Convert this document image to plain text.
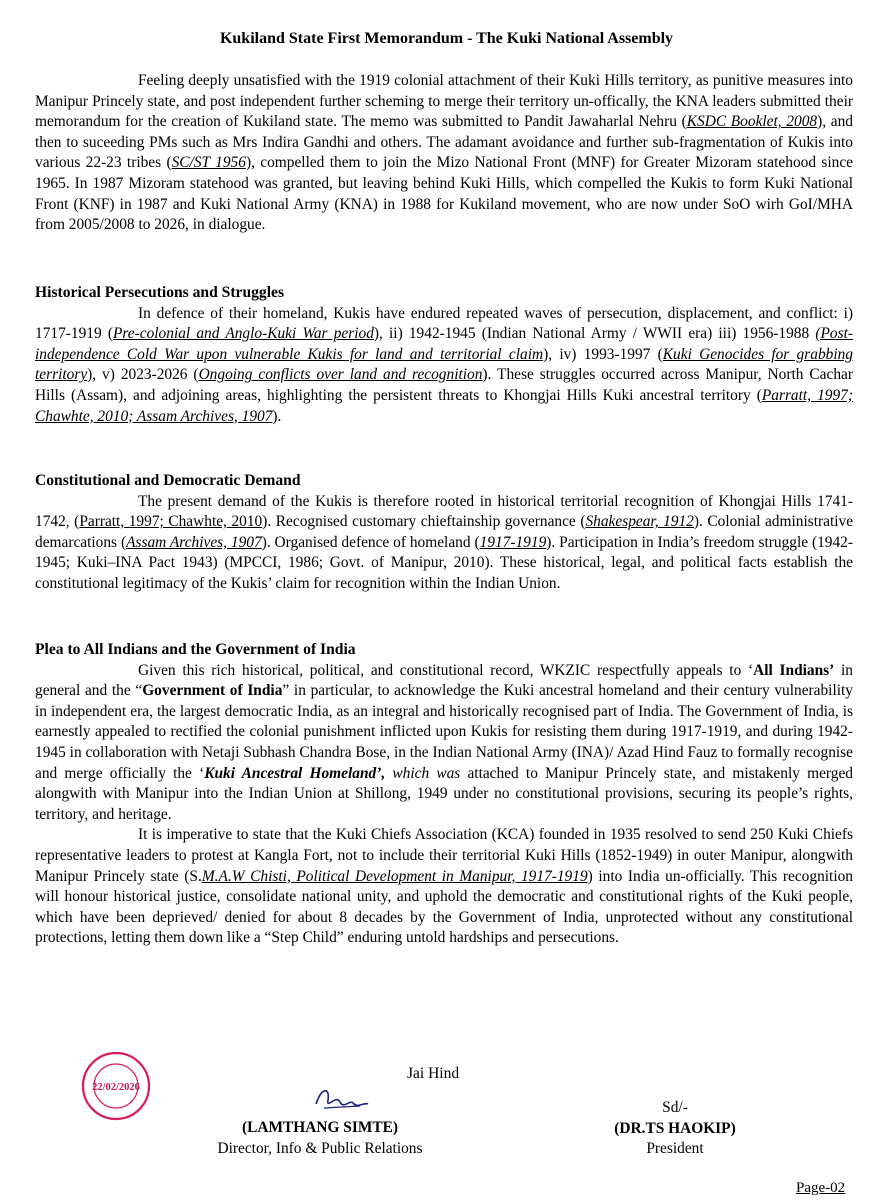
Kukiland State First Memorandum - The Kuki National Assembly

Feeling deeply unsatisfied with the 1919 colonial attachment of their Kuki Hills territory, as punitive measures into Manipur Princely state, and post independent further scheming to merge their territory un-offically, the KNA leaders submitted their memorandum for the creation of Kukiland state. The memo was submitted to Pandit Jawaharlal Nehru (KSDC Booklet, 2008), and then to suceeding PMs such as Mrs Indira Gandhi and others. The adamant avoidance and further sub-fragmentation of Kukis into various 22-23 tribes (SC/ST 1956), compelled them to join the Mizo National Front (MNF) for Greater Mizoram statehood since 1965. In 1987 Mizoram statehood was granted, but leaving behind Kuki Hills, which compelled the Kukis to form Kuki National Front (KNF) in 1987 and Kuki National Army (KNA) in 1988 for Kukiland movement, who are now under SoO wirh GoI/MHA from 2005/2008 to 2026, in dialogue.

Historical Persecutions and Struggles

In defence of their homeland, Kukis have endured repeated waves of persecution, displacement, and conflict: i) 1717-1919 (Pre-colonial and Anglo-Kuki War period), ii) 1942-1945 (Indian National Army / WWII era) iii) 1956-1988 (Post-independence Cold War upon vulnerable Kukis for land and territorial claim), iv) 1993-1997 (Kuki Genocides for grabbing territory), v) 2023-2026 (Ongoing conflicts over land and recognition). These struggles occurred across Manipur, North Cachar Hills (Assam), and adjoining areas, highlighting the persistent threats to Khongjai Hills Kuki ancestral territory (Parratt, 1997; Chawhte, 2010; Assam Archives, 1907).

Constitutional and Democratic Demand

The present demand of the Kukis is therefore rooted in historical territorial recognition of Khongjai Hills 1741-1742, (Parratt, 1997; Chawhte, 2010). Recognised customary chieftainship governance (Shakespear, 1912). Colonial administrative demarcations (Assam Archives, 1907). Organised defence of homeland (1917-1919). Participation in India’s freedom struggle (1942-1945; Kuki–INA Pact 1943) (MPCCI, 1986; Govt. of Manipur, 2010). These historical, legal, and political facts establish the constitutional legitimacy of the Kukis’ claim for recognition within the Indian Union.

Plea to All Indians and the Government of India

Given this rich historical, political, and constitutional record, WKZIC respectfully appeals to ‘All Indians’ in general and the “Government of India” in particular, to acknowledge the Kuki ancestral homeland and their century vulnerability in independent era, the largest democratic India, as an integral and historically recognised part of India. The Government of India, is earnestly appealed to rectified the colonial punishment inflicted upon Kukis for resisting them during 1917-1919, and during 1942-1945 in collaboration with Netaji Subhash Chandra Bose, in the Indian National Army (INA)/ Azad Hind Fauz to formally recognise and merge officially the ‘Kuki Ancestral Homeland’, which was attached to Manipur Princely state, and mistakenly merged alongwith with Manipur into the Indian Union at Shillong, 1949 under no constitutional provisions, securing its people’s rights, territory, and heritage.

It is imperative to state that the Kuki Chiefs Association (KCA) founded in 1935 resolved to send 250 Kuki Chiefs representative leaders to protest at Kangla Fort, not to include their territorial Kuki Hills (1852-1949) in outer Manipur, alongwith Manipur Princely state (S.M.A.W Chisti, Political Development in Manipur, 1917-1919) into India un-officially. This recognition will honour historical justice, consolidate national unity, and uphold the democratic and constitutional rights of the Kuki people, which have been deprieved/ denied for about 8 decades by the Government of India, unprotected without any constitutional protections, letting them down like a “Step Child” enduring untold hardships and persecutions.

22/02/2026
Jai Hind
(LAMTHANG SIMTE)
Director, Info & Public Relations
Sd/-
(DR.TS HAOKIP)
President
Page-02
